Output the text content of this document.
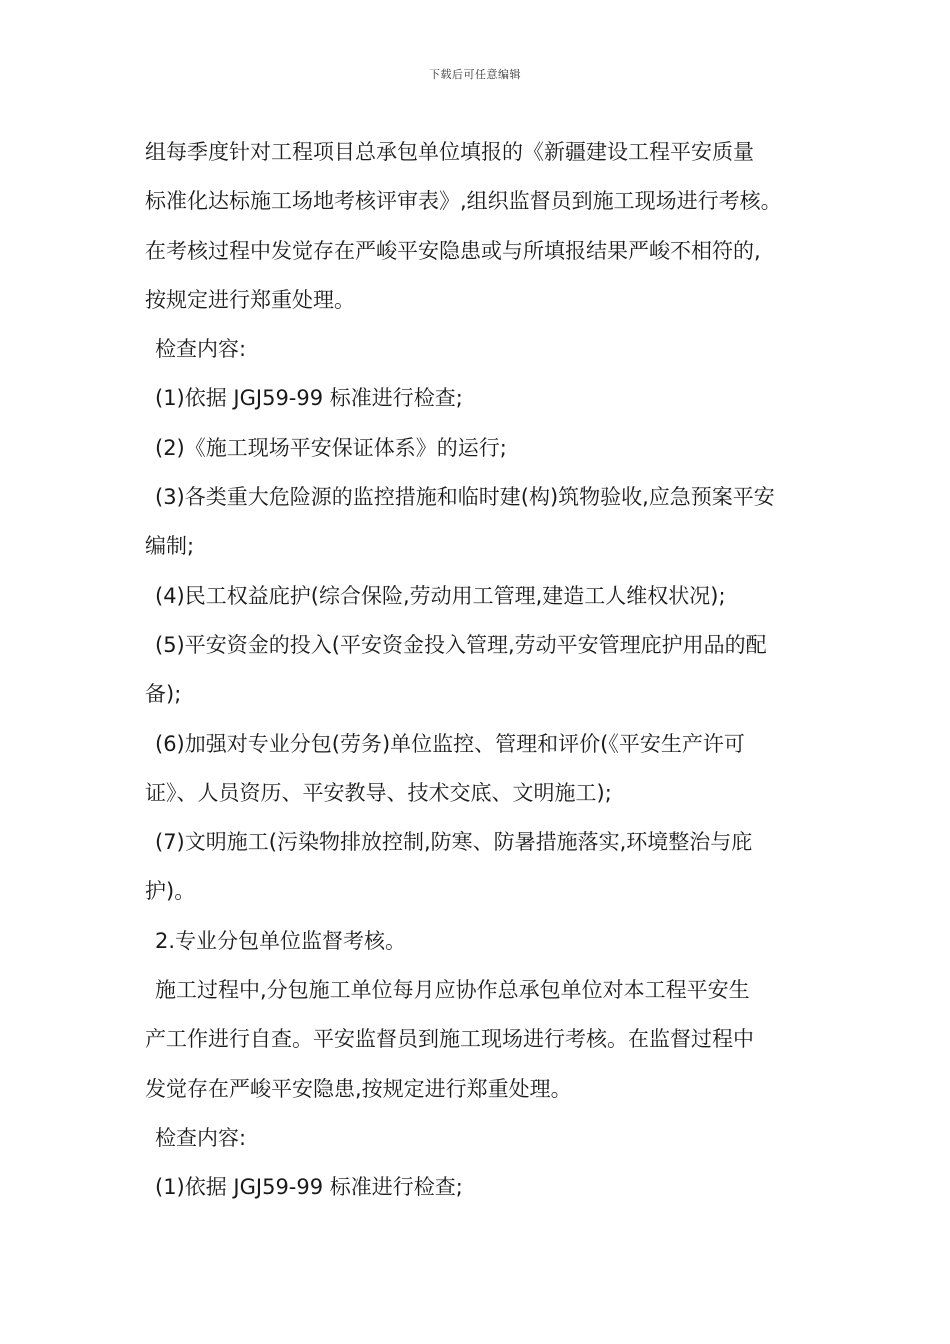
下载后可任意编辑
组每季度针对工程项目总承包单位填报的《新疆建设工程平安质量
标准化达标施工场地考核评审表》,组织监督员到施工现场进行考核。
在考核过程中发觉存在严峻平安隐患或与所填报结果严峻不相符的,
按规定进行郑重处理。
检查内容:
(1)依据 JGJ59-99 标准进行检查;
(2)《施工现场平安保证体系》的运行;
(3)各类重大危险源的监控措施和临时建(构)筑物验收,应急预案平安
编制;
(4)民工权益庇护(综合保险,劳动用工管理,建造工人维权状况);
(5)平安资金的投入(平安资金投入管理,劳动平安管理庇护用品的配
备);
(6)加强对专业分包(劳务)单位监控、管理和评价(《平安生产许可
证》、人员资历、平安教导、技术交底、文明施工);
(7)文明施工(污染物排放控制,防寒、防暑措施落实,环境整治与庇
护)。
2.专业分包单位监督考核。
施工过程中,分包施工单位每月应协作总承包单位对本工程平安生
产工作进行自查。平安监督员到施工现场进行考核。在监督过程中
发觉存在严峻平安隐患,按规定进行郑重处理。
检查内容:
(1)依据 JGJ59-99 标准进行检查;
